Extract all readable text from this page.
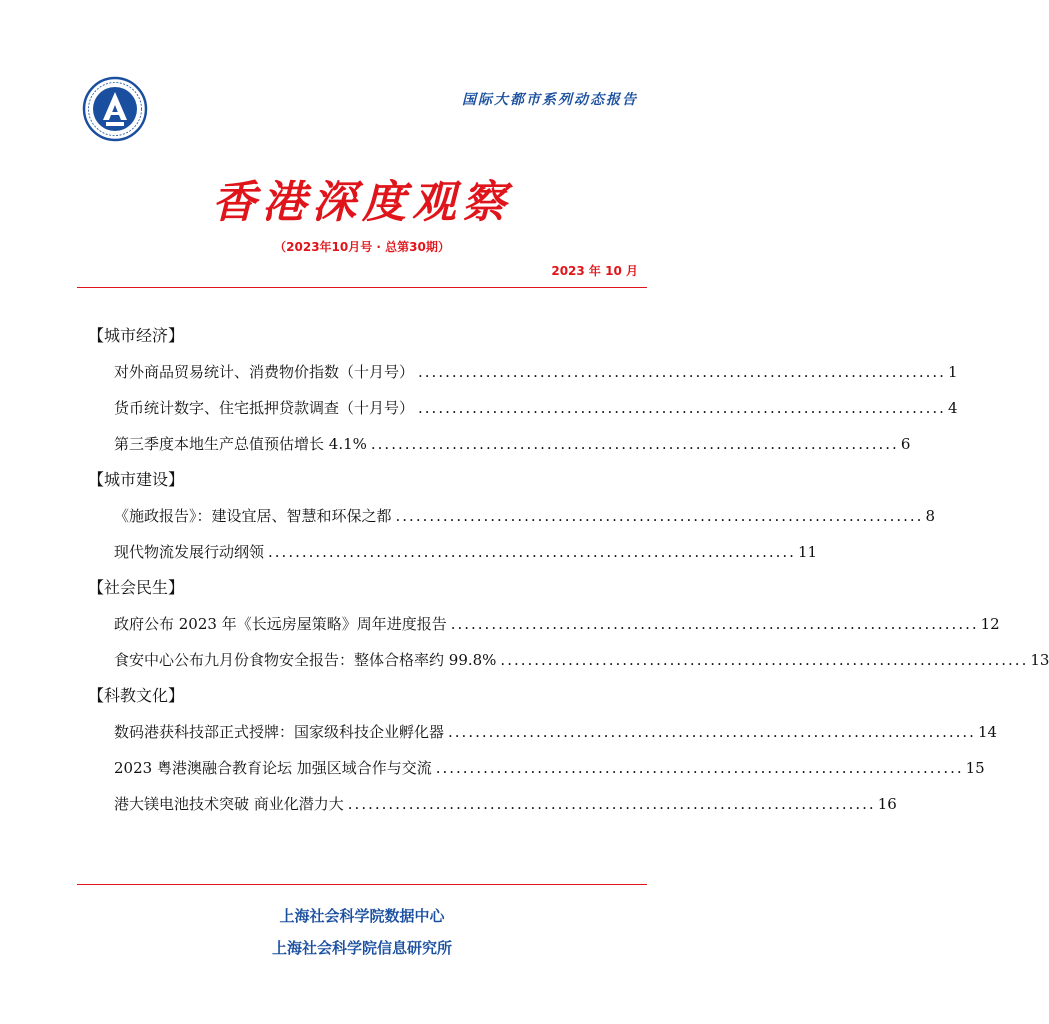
国际大都市系列动态报告
香港深度观察
（2023年10月号 · 总第30期）
2023 年 10 月
【城市经济】
对外商品贸易统计、消费物价指数（十月号） .............................................................................. 1
货币统计数字、住宅抵押贷款调查（十月号） .............................................................................. 4
第三季度本地生产总值预估增长 4.1% .............................................................................. 6
【城市建设】
《施政报告》：建设宜居、智慧和环保之都 .............................................................................. 8
现代物流发展行动纲领 .............................................................................. 11
【社会民生】
政府公布 2023 年《长远房屋策略》周年进度报告 .............................................................................. 12
食安中心公布九月份食物安全报告：整体合格率约 99.8% .............................................................................. 13
【科教文化】
数码港获科技部正式授牌：国家级科技企业孵化器 .............................................................................. 14
2023 粤港澳融合教育论坛 加强区域合作与交流 .............................................................................. 15
港大镁电池技术突破 商业化潜力大 .............................................................................. 16
上海社会科学院数据中心
上海社会科学院信息研究所
